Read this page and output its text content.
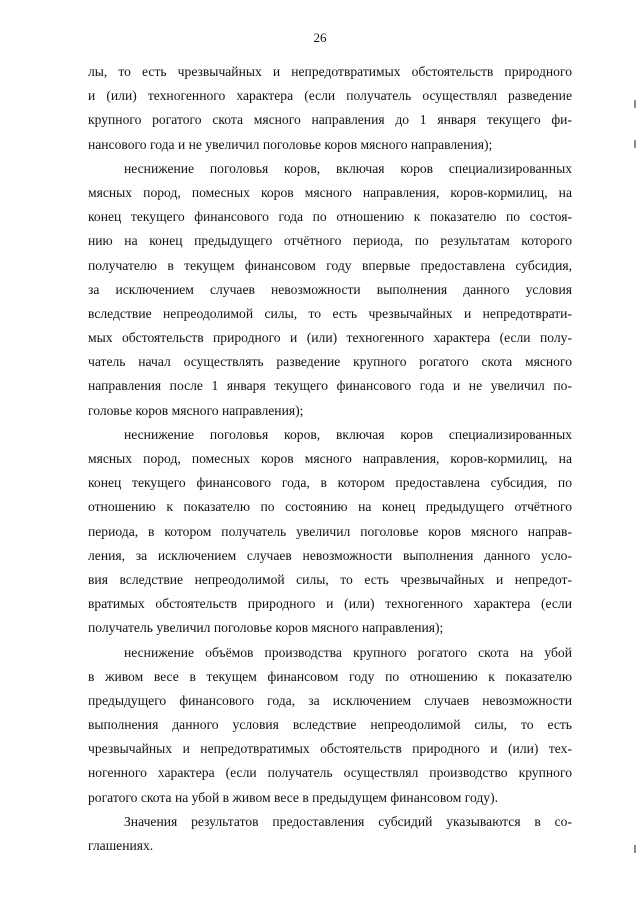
26
лы, то есть чрезвычайных и непредотвратимых обстоятельств природного
и (или) техногенного характера (если получатель осуществлял разведение
крупного рогатого скота мясного направления до 1 января текущего фи-
нансового года и не увеличил поголовье коров мясного направления);
неснижение поголовья коров, включая коров специализированных
мясных пород, помесных коров мясного направления, коров-кормилиц, на
конец текущего финансового года по отношению к показателю по состоя-
нию на конец предыдущего отчётного периода, по результатам которого
получателю в текущем финансовом году впервые предоставлена субсидия,
за исключением случаев невозможности выполнения данного условия
вследствие непреодолимой силы, то есть чрезвычайных и непредотврати-
мых обстоятельств природного и (или) техногенного характера (если полу-
чатель начал осуществлять разведение крупного рогатого скота мясного
направления после 1 января текущего финансового года и не увеличил по-
головье коров мясного направления);
неснижение поголовья коров, включая коров специализированных
мясных пород, помесных коров мясного направления, коров-кормилиц, на
конец текущего финансового года, в котором предоставлена субсидия, по
отношению к показателю по состоянию на конец предыдущего отчётного
периода, в котором получатель увеличил поголовье коров мясного направ-
ления, за исключением случаев невозможности выполнения данного усло-
вия вследствие непреодолимой силы, то есть чрезвычайных и непредот-
вратимых обстоятельств природного и (или) техногенного характера (если
получатель увеличил поголовье коров мясного направления);
неснижение объёмов производства крупного рогатого скота на убой
в живом весе в текущем финансовом году по отношению к показателю
предыдущего финансового года, за исключением случаев невозможности
выполнения данного условия вследствие непреодолимой силы, то есть
чрезвычайных и непредотвратимых обстоятельств природного и (или) тех-
ногенного характера (если получатель осуществлял производство крупного
рогатого скота на убой в живом весе в предыдущем финансовом году).
Значения результатов предоставления субсидий указываются в со-
глашениях.
